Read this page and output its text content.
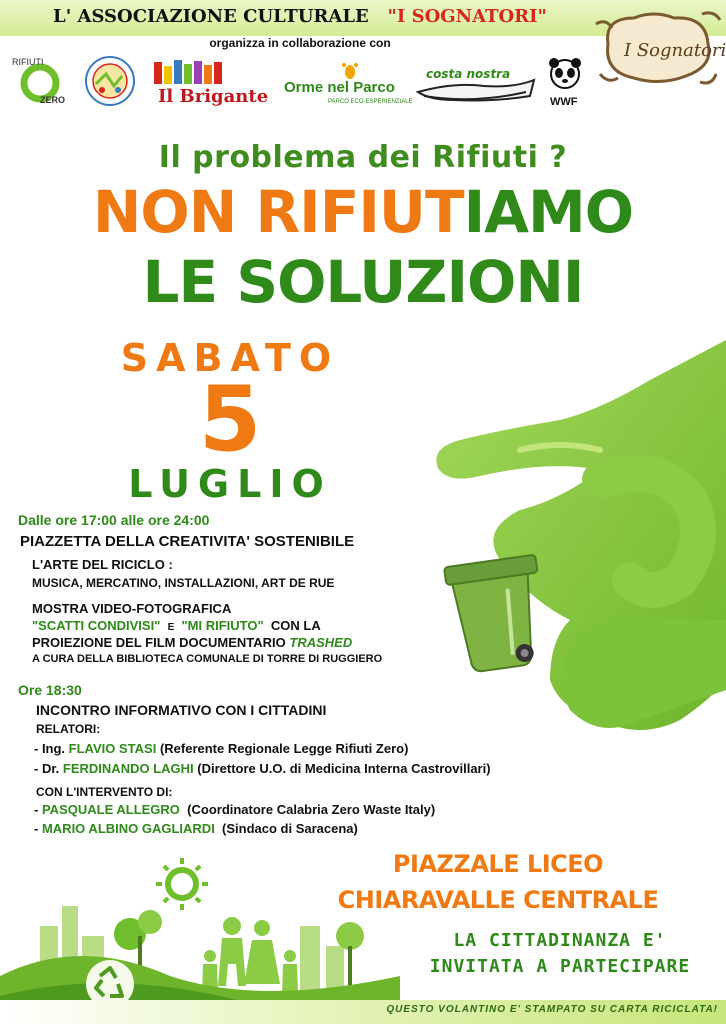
L' ASSOCIAZIONE CULTURALE "I SOGNATORI"
organizza in collaborazione con
RIFIUTI
ZERO	Il Brigante Orme nel Parco
PARCO ECO-ESPERIENZIALE
costa nostra
WWF
I Sognatori
Il problema dei Rifiuti ?
NON RIFIUTIAMO
LE SOLUZIONI
SABATO
5
LUGLIO
Dalle ore 17:00 alle ore 24:00
PIAZZETTA DELLA CREATIVITA' SOSTENIBILE
L'ARTE DEL RICICLO :
MUSICA, MERCATINO, INSTALLAZIONI, ART DE RUE
MOSTRA VIDEO-FOTOGRAFICA
"SCATTI CONDIVISI" E "MI RIFIUTO" CON LA
PROIEZIONE DEL FILM DOCUMENTARIO TRASHED
A CURA DELLA BIBLIOTECA COMUNALE DI TORRE DI RUGGIERO
Ore 18:30
INCONTRO INFORMATIVO CON I CITTADINI
RELATORI:
- Ing. FLAVIO STASI (Referente Regionale Legge Rifiuti Zero)
- Dr. FERDINANDO LAGHI (Direttore U.O. di Medicina Interna Castrovillari)
CON L'INTERVENTO DI:
- PASQUALE ALLEGRO (Coordinatore Calabria Zero Waste Italy)
- MARIO ALBINO GAGLIARDI (Sindaco di Saracena)
PIAZZALE LICEO
CHIARAVALLE CENTRALE
LA CITTADINANZA E'
INVITATA A PARTECIPARE
QUESTO VOLANTINO E' STAMPATO SU CARTA RICICLATA!
